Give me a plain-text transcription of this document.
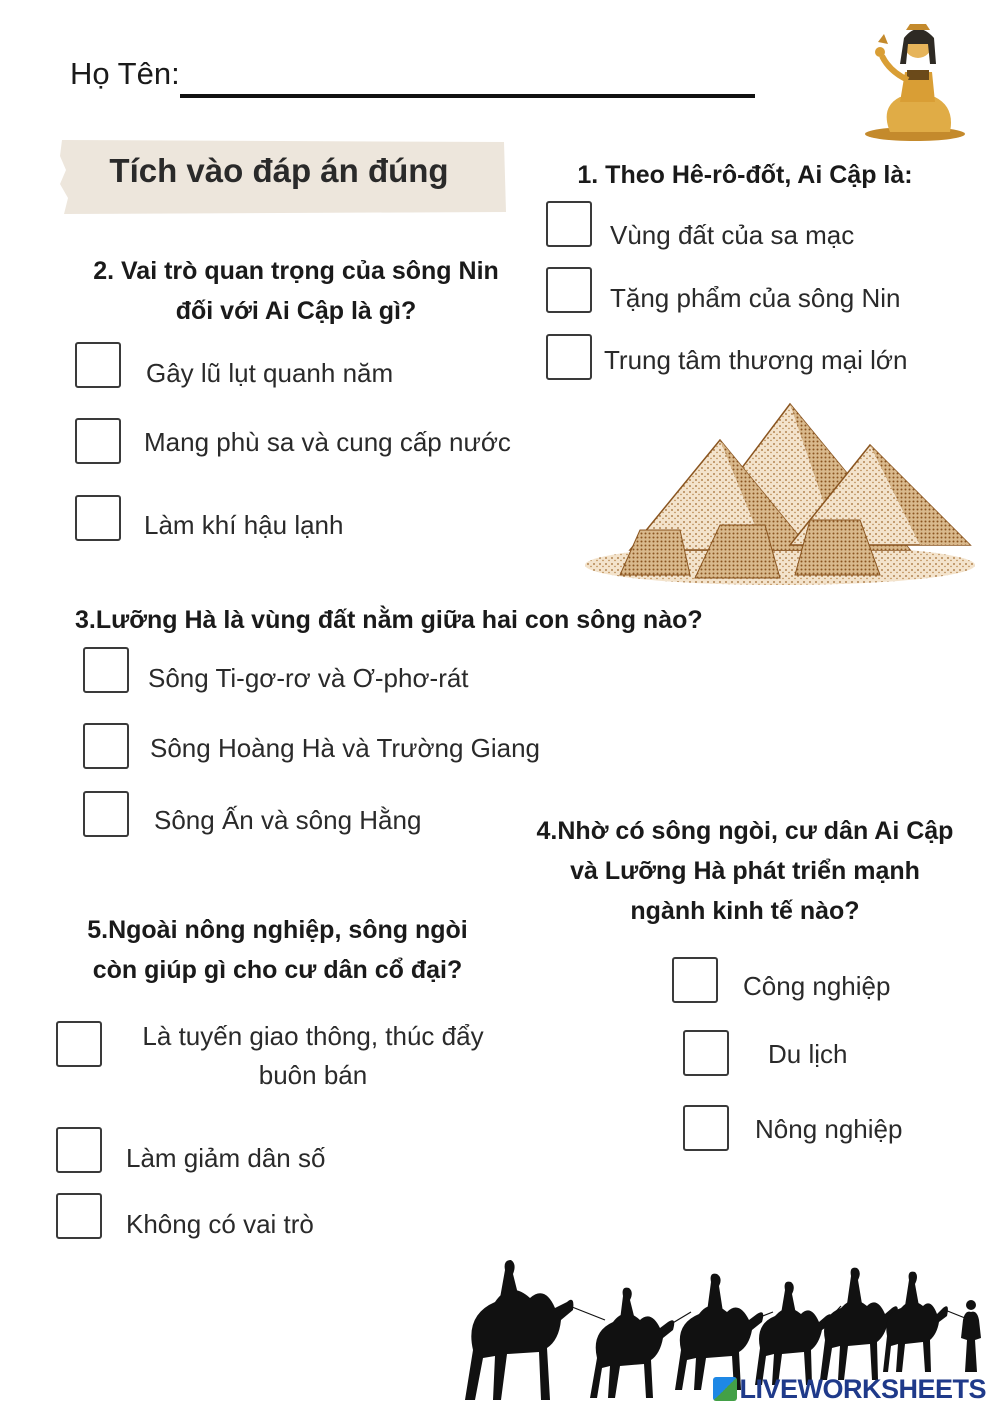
Họ Tên:
Tích vào đáp án đúng	1. Theo Hê-rô-đốt, Ai Cập là:
Vùng đất của sa mạc
Tặng phẩm của sông Nin
Trung tâm thương mại lớn
2. Vai trò quan trọng của sông Nin
đối với Ai Cập là gì?
Gây lũ lụt quanh năm
Mang phù sa và cung cấp nước
Làm khí hậu lạnh
3.Lưỡng Hà là vùng đất nằm giữa hai con sông nào?
Sông Ti-gơ-rơ và Ơ-phơ-rát
Sông Hoàng Hà và Trường Giang
Sông Ấn và sông Hằng	4.Nhờ có sông ngòi, cư dân Ai Cập
và Lưỡng Hà phát triển mạnh
ngành kinh tế nào?
Công nghiệp
Du lịch
Nông nghiệp
5.Ngoài nông nghiệp, sông ngòi
còn giúp gì cho cư dân cổ đại?
Là tuyến giao thông, thúc đẩy
buôn bán
Làm giảm dân số
Không có vai trò
LIVEWORKSHEETS
